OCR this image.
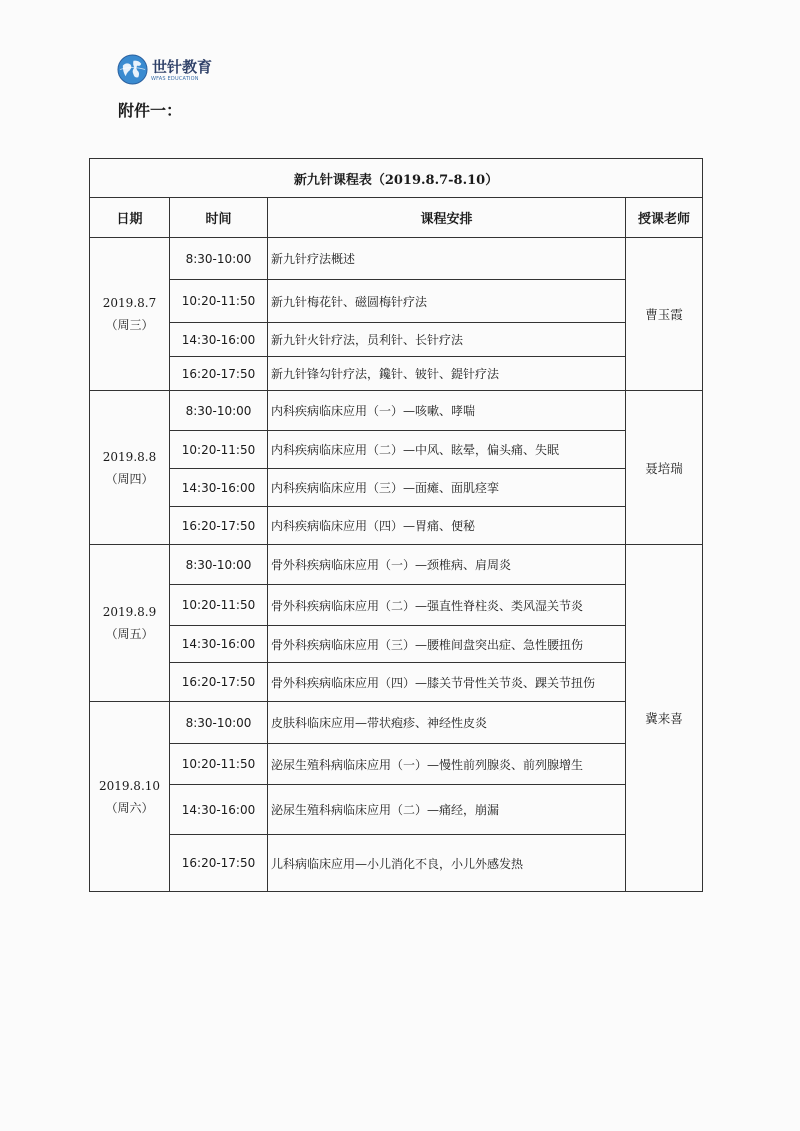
世针教育
WFAS EDUCATION
附件一：
新九针课程表（2019.8.7-8.10）			
日期	时间	课程安排	授课老师

2019.8.7
（周三）	8:30-10:00	新九针疗法概述	曹玉霞
	10:20-11:50	新九针梅花针、磁圆梅针疗法	
	14:30-16:00	新九针火针疗法，员利针、长针疗法	
	16:20-17:50	新九针锋勾针疗法，鑱针、铍针、鍉针疗法	

2019.8.8
（周四）	8:30-10:00	内科疾病临床应用（一）—咳嗽、哮喘	聂培瑞
	10:20-11:50	内科疾病临床应用（二）—中风、眩晕，偏头痛、失眠	
	14:30-16:00	内科疾病临床应用（三）—面瘫、面肌痉挛	
	16:20-17:50	内科疾病临床应用（四）—胃痛、便秘	

2019.8.9
（周五）	8:30-10:00	骨外科疾病临床应用（一）—颈椎病、肩周炎	冀来喜
	10:20-11:50	骨外科疾病临床应用（二）—强直性脊柱炎、类风湿关节炎	
	14:30-16:00	骨外科疾病临床应用（三）—腰椎间盘突出症、急性腰扭伤	
	16:20-17:50	骨外科疾病临床应用（四）—膝关节骨性关节炎、踝关节扭伤	

2019.8.10
（周六）	8:30-10:00	皮肤科临床应用—带状疱疹、神经性皮炎	
	10:20-11:50	泌尿生殖科病临床应用（一）—慢性前列腺炎、前列腺增生	
	14:30-16:00	泌尿生殖科病临床应用（二）—痛经，崩漏	
	16:20-17:50	儿科病临床应用—小儿消化不良，小儿外感发热	
